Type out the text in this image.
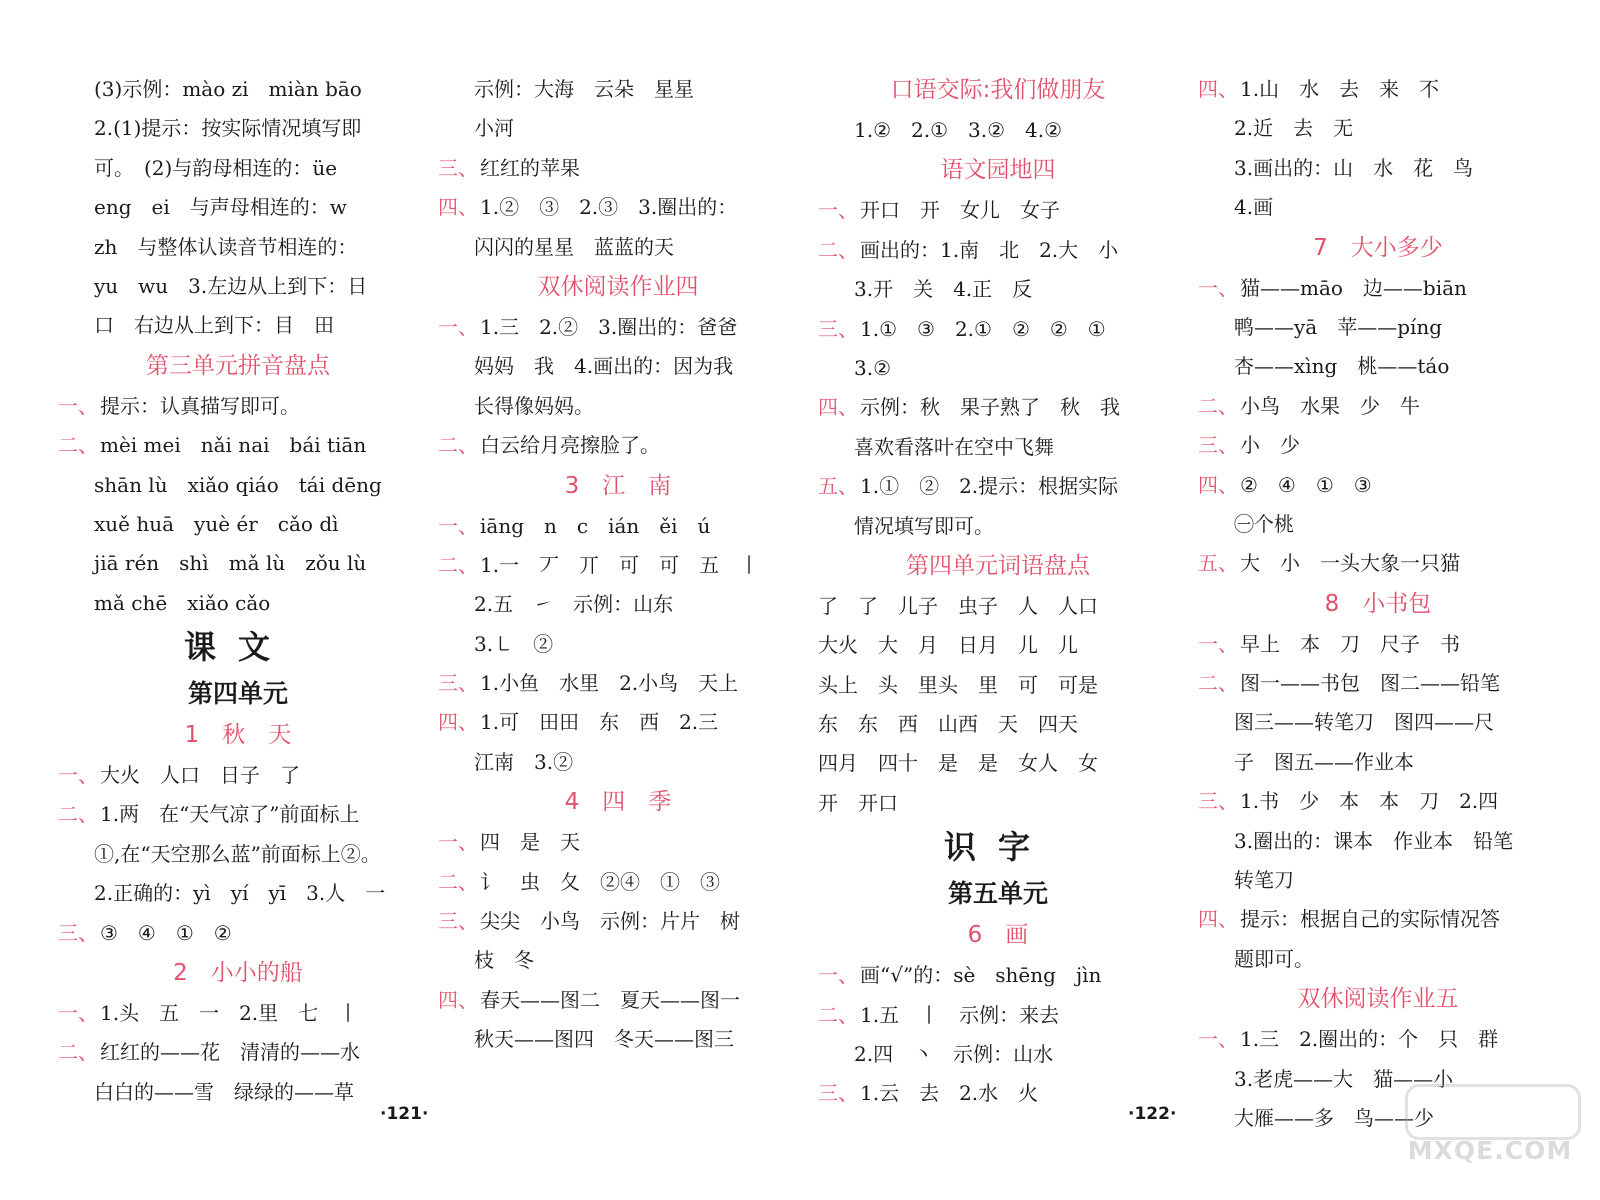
(3)示例：mào zi　miàn bāo
2.(1)提示：按实际情况填写即
可。　(2)与韵母相连的：üe
eng　ei　与声母相连的：w
zh　与整体认读音节相连的：
yu　wu　3.左边从上到下：日
口　右边从上到下：目　田
第三单元拼音盘点
一、 提示：认真描写即可。
二、 mèi mei　nǎi nai　bái tiān
shān lù　xiǎo qiáo　tái dēng
xuě huā　yuè ér　cǎo dì
jiā rén　shì　mǎ lù　zǒu lù
mǎ chē　xiǎo cǎo
课文
第四单元
1　秋　天
一、 大火　人口　日子　了
二、 1.两　在“天气凉了”前面标上
①,在“天空那么蓝”前面标上②。
2.正确的：yì　yí　yī　3.人　一
三、 ③　④　①　②
2　小小的船
一、 1.头　五　一　2.里　七　丨
二、 红红的——花　清清的——水
白白的——雪　绿绿的——草
示例：大海　云朵　星星
小河
三、 红红的苹果
四、 1.②　③　2.③　3.圈出的：
闪闪的星星　蓝蓝的天
双休阅读作业四
一、 1.三　2.②　3.圈出的：爸爸
妈妈　我　4.画出的：因为我
长得像妈妈。
二、 白云给月亮擦脸了。
3　江　南
一、 iāng　n　c　ián　ěi　ú
二、 1.一　丆　丌　可　可　五　丨
2.五　㇀　示例：山东
3.㇄　②
三、 1.小鱼　水里　2.小鸟　天上
四、 1.可　田田　东　西　2.三
江南　3.②
4　四　季
一、 四　是　天
二、 讠　虫　夂　②④　①　③
三、 尖尖　小鸟　示例：片片　树
枝　冬
四、 春天——图二　夏天——图一
秋天——图四　冬天——图三
口语交际:我们做朋友
1.②　2.①　3.②　4.②
语文园地四
一、 开口　开　女儿　女子
二、 画出的：1.南　北　2.大　小
3.开　关　4.正　反
三、 1.①　③　2.①　②　②　①
3.②
四、 示例：秋　果子熟了　秋　我
喜欢看落叶在空中飞舞
五、 1.①　②　2.提示：根据实际
情况填写即可。
第四单元词语盘点
了　了　儿子　虫子　人　人口
大火　大　月　日月　儿　儿
头上　头　里头　里　可　可是
东　东　西　山西　天　四天
四月　四十　是　是　女人　女
开　开口
识字
第五单元
6　画
一、 画“√”的：sè　shēng　jìn
二、 1.五　丨　示例：来去
2.四　丶　示例：山水
三、 1.云　去　2.水　火
四、 1.山　水　去　来　不
2.近　去　无
3.画出的：山　水　花　鸟
4.画
7　大小多少
一、 猫——māo　边——biān
鸭——yā　苹——píng
杏——xìng　桃——táo
二、 小鸟　水果　少　牛
三、 小　少
四、 ②　④　①　③
㊀个桃
五、 大　小　一头大象一只猫
8　小书包
一、 早上　本　刀　尺子　书
二、 图一——书包　图二——铅笔
图三——转笔刀　图四——尺
子　图五——作业本
三、 1.书　少　本　本　刀　2.四
3.圈出的：课本　作业本　铅笔
转笔刀
四、 提示：根据自己的实际情况答
题即可。
双休阅读作业五
一、 1.三　2.圈出的：个　只　群
3.老虎——大　猫——小
大雁——多　鸟——少
·121·	·122·
MXQE.COM
